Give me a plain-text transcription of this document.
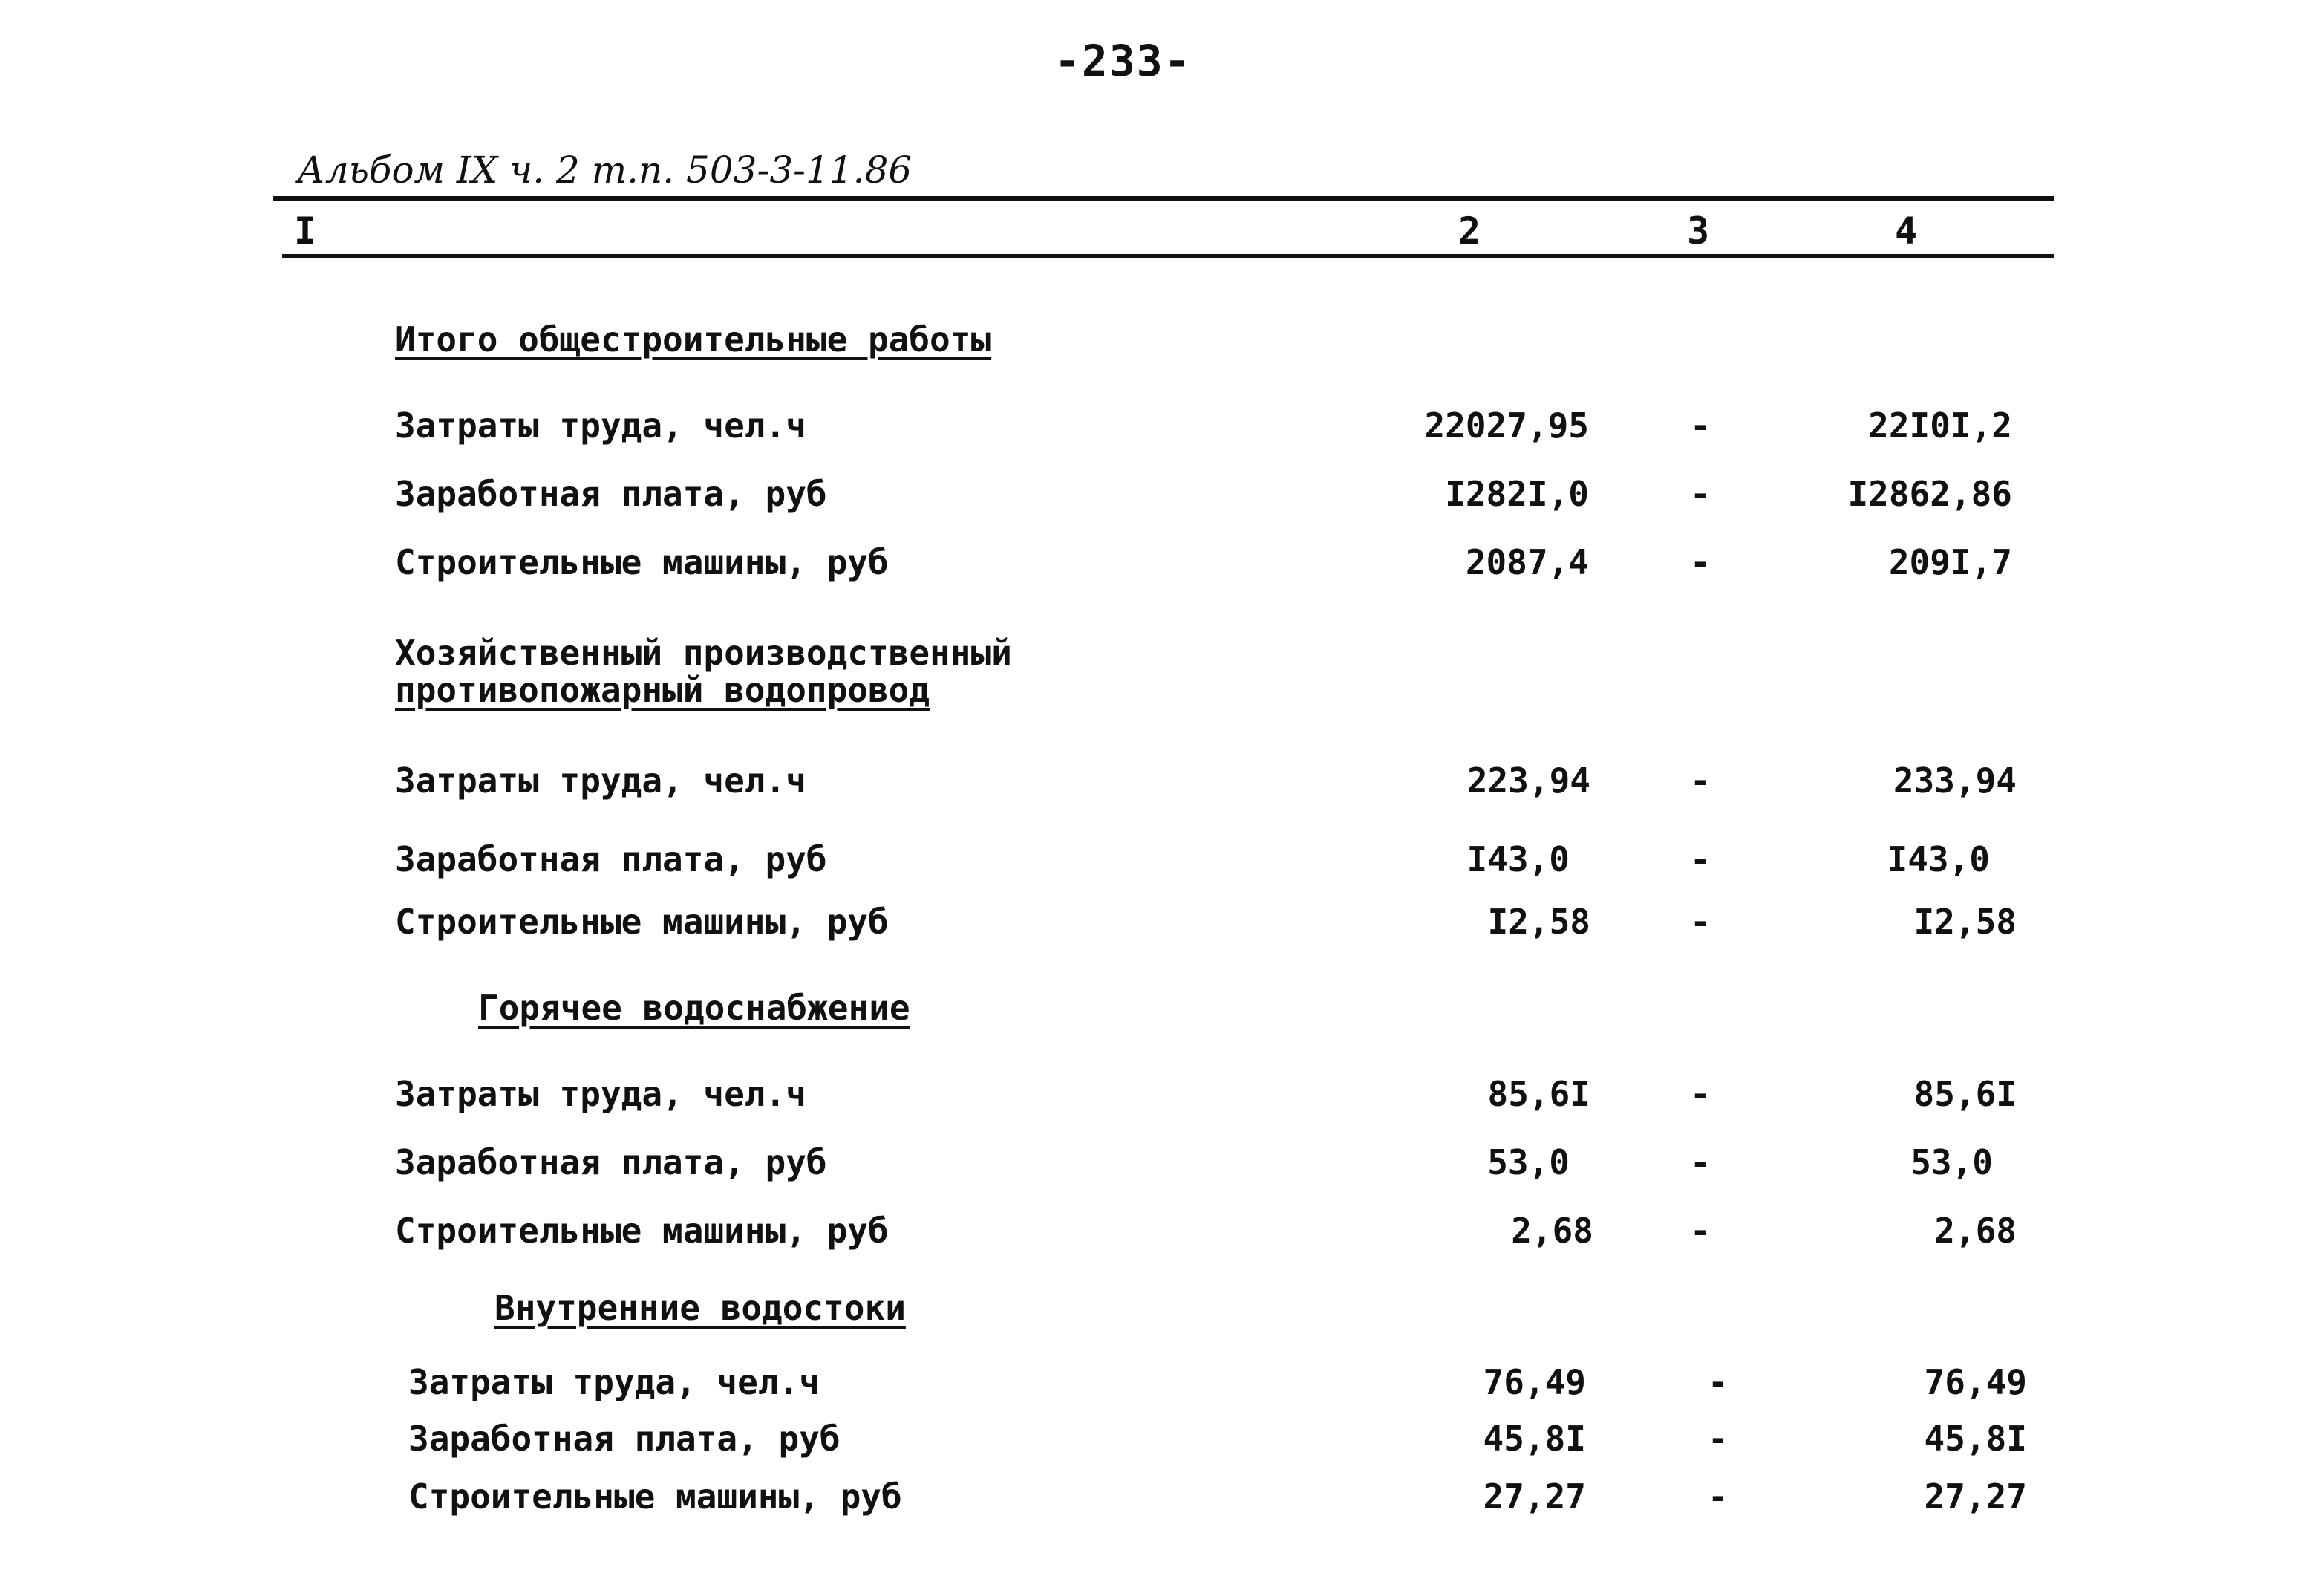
-233-
Альбом IX ч. 2 т.п. 503-3-11.86
I	2	3	4
Итого общестроительные работы
Затраты труда, чел.ч	22027,95	-	22I0I,2
Заработная плата, руб	I282I,0	-	I2862,86
Строительные машины, руб	2087,4	-	209I,7
Хозяйственный производственный
противопожарный водопровод
Затраты труда, чел.ч	223,94	-	233,94
Заработная плата, руб	I43,0	-	I43,0
Строительные машины, руб	I2,58	-	I2,58
Горячее водоснабжение
Затраты труда, чел.ч	85,6I	-	85,6I
Заработная плата, руб	53,0	-	53,0
Строительные машины, руб	2,68	-	2,68
Внутренние водостоки
Затраты труда, чел.ч	76,49	-	76,49
Заработная плата, руб	45,8I	-	45,8I
Строительные машины, руб	27,27	-	27,27
